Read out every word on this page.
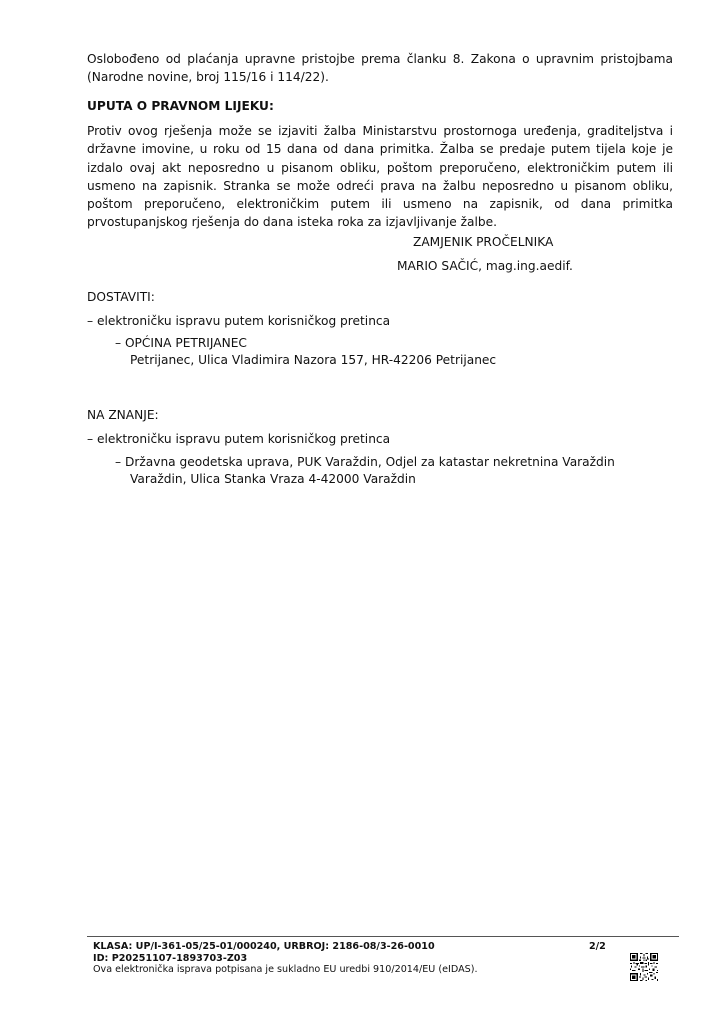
Oslobođeno od plaćanja upravne pristojbe prema članku 8. Zakona o upravnim pristojbama (Narodne novine, broj 115/16 i 114/22).

UPUTA O PRAVNOM LIJEKU:

Protiv ovog rješenja može se izjaviti žalba Ministarstvu prostornoga uređenja, graditeljstva i državne imovine, u roku od 15 dana od dana primitka. Žalba se predaje putem tijela koje je izdalo ovaj akt neposredno u pisanom obliku, poštom preporučeno, elektroničkim putem ili usmeno na zapisnik. Stranka se može odreći prava na žalbu neposredno u pisanom obliku, poštom preporučeno, elektroničkim putem ili usmeno na zapisnik, od dana primitka prvostupanjskog rješenja do dana isteka roka za izjavljivanje žalbe.

ZAMJENIK PROČELNIKA

MARIO SAČIĆ, mag.ing.aedif.

DOSTAVITI:

– elektroničku ispravu putem korisničkog pretinca

– OPĆINA PETRIJANEC

Petrijanec, Ulica Vladimira Nazora 157, HR-42206 Petrijanec

NA ZNANJE:

– elektroničku ispravu putem korisničkog pretinca

– Državna geodetska uprava, PUK Varaždin, Odjel za katastar nekretnina Varaždin

Varaždin, Ulica Stanka Vraza 4-42000 Varaždin

KLASA: UP/I-361-05/25-01/000240, URBROJ: 2186-08/3-26-0010	2/2
ID: P20251107-1893703-Z03
Ova elektronička isprava potpisana je sukladno EU uredbi 910/2014/EU (eIDAS).
